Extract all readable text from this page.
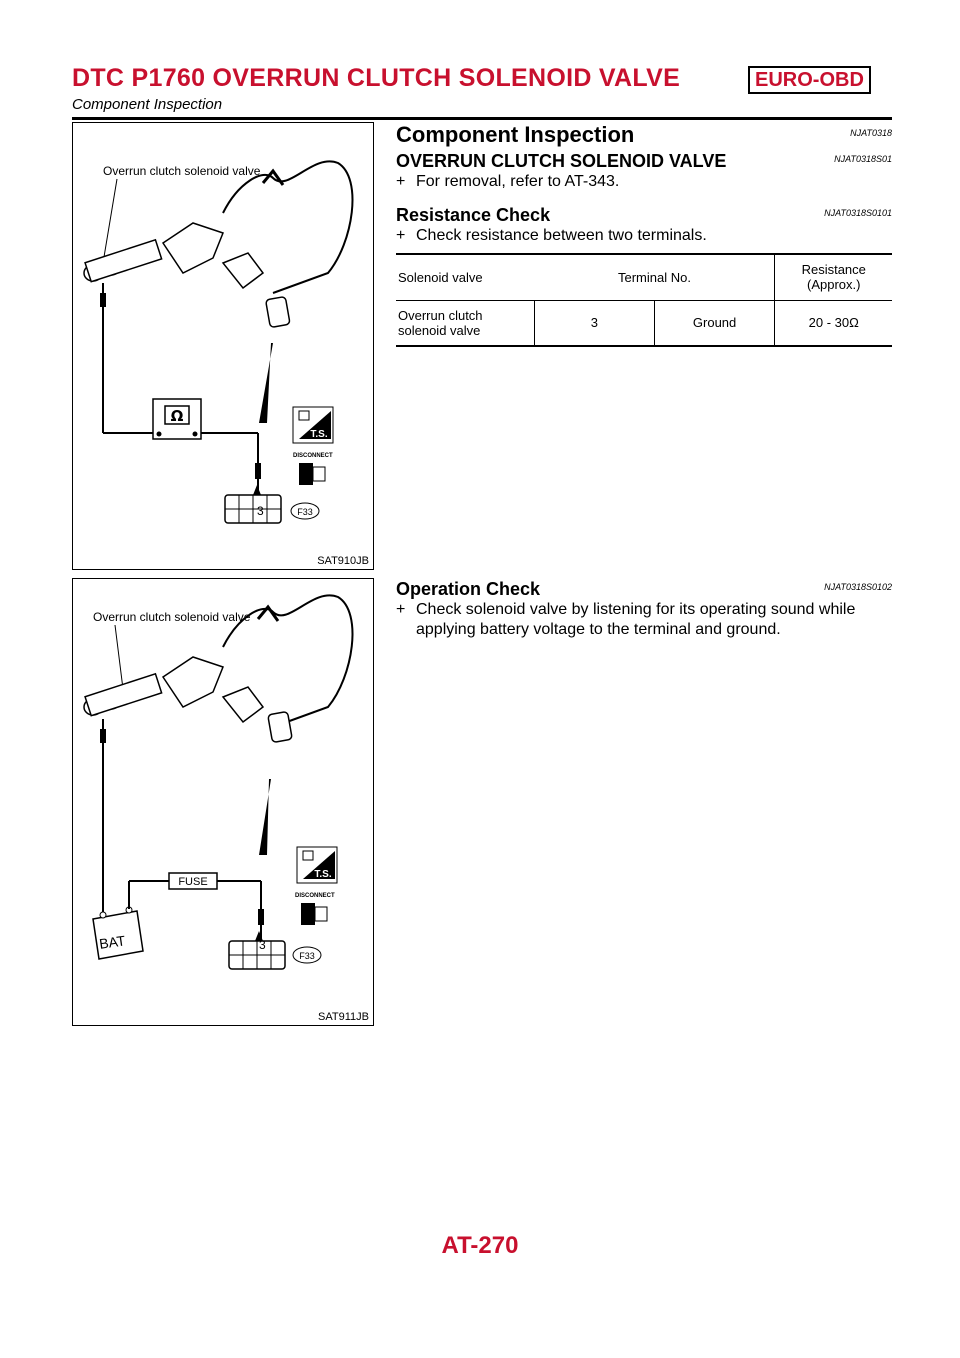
DTC P1760 OVERRUN CLUTCH SOLENOID VALVE	EURO-OBD
Component Inspection
Overrun clutch solenoid valve
Ω
3	F33
T.S.
DISCONNECT
SAT910JB
Overrun clutch solenoid valve
BAT
FUSE
3
F33
T.S.
DISCONNECT
SAT911JB
Component Inspection	NJAT0318
OVERRUN CLUTCH SOLENOID VALVE	NJAT0318S01
+ For removal, refer to AT-343.
Resistance Check	NJAT0318S0101
+ Check resistance between two terminals.
Solenoid valve	Terminal No.		Resistance
(Approx.)
Overrun clutch
solenoid valve	3	Ground	20 - 30Ω
Operation Check	NJAT0318S0102
+ Check solenoid valve by listening for its operating sound while applying battery voltage to the terminal and ground.
AT-270
